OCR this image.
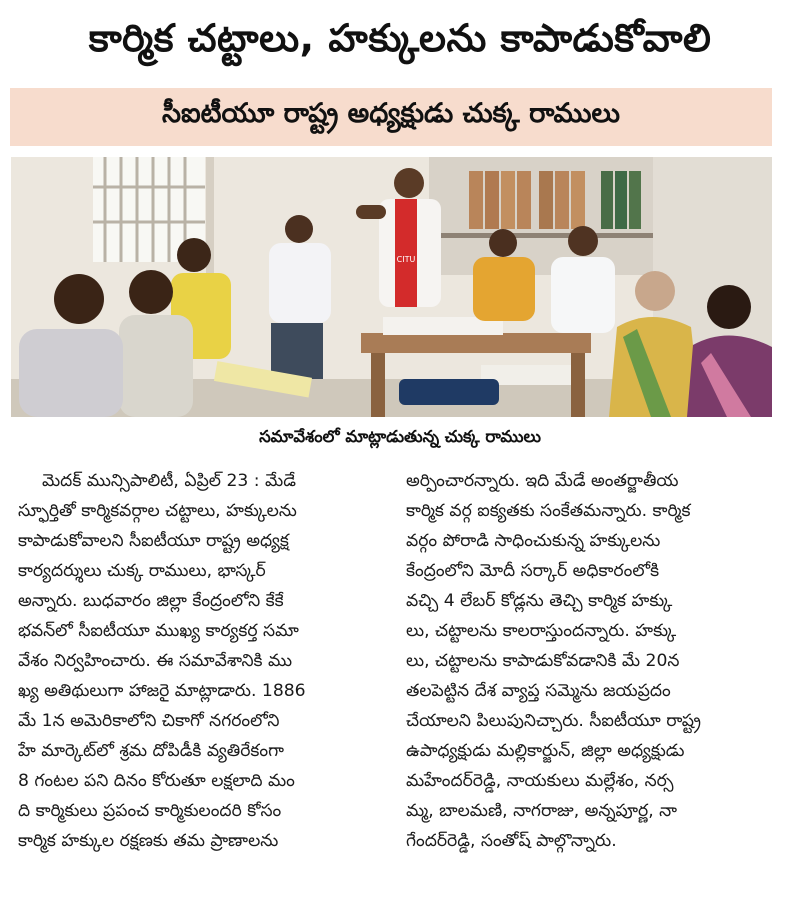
కార్మిక చట్టాలు, హక్కులను కాపాడుకోవాలి
సీఐటీయూ రాష్ట్ర అధ్యక్షుడు చుక్క రాములు
CITU
సమావేశంలో మాట్లాడుతున్న చుక్క రాములు
మెదక్ మున్సిపాలిటీ, ఏప్రిల్ 23 : మేడే
స్ఫూర్తితో కార్మికవర్గాల చట్టాలు, హక్కులను
కాపాడుకోవాలని సీఐటీయూ రాష్ట్ర అధ్యక్ష
కార్యదర్శులు చుక్క రాములు, భాస్కర్
అన్నారు. బుధవారం జిల్లా కేంద్రంలోని కేకే
భవన్‌లో సీఐటీయూ ముఖ్య కార్యకర్త సమా
వేశం నిర్వహించారు. ఈ సమావేశానికి ము
ఖ్య అతిథులుగా హాజరై మాట్లాడారు. 1886
మే 1న అమెరికాలోని చికాగో నగరంలోని
హే మార్కెట్‌లో శ్రమ దోపిడీకి వ్యతిరేకంగా
8 గంటల పని దినం కోరుతూ లక్షలాది మం
ది కార్మికులు ప్రపంచ కార్మికులందరి కోసం
కార్మిక హక్కుల రక్షణకు తమ ప్రాణాలను
అర్పించారన్నారు. ఇది మేడే అంతర్జాతీయ
కార్మిక వర్గ ఐక్యతకు సంకేతమన్నారు. కార్మిక
వర్గం పోరాడి సాధించుకున్న హక్కులను
కేంద్రంలోని మోదీ సర్కార్ అధికారంలోకి
వచ్చి 4 లేబర్ కోడ్లను తెచ్చి కార్మిక హక్కు
లు, చట్టాలను కాలరాస్తుందన్నారు. హక్కు
లు, చట్టాలను కాపాడుకోవడానికి మే 20న
తలపెట్టిన దేశ వ్యాప్త సమ్మెను జయప్రదం
చేయాలని పిలుపునిచ్చారు. సీఐటీయూ రాష్ట్ర
ఉపాధ్యక్షుడు మల్లికార్జున్, జిల్లా అధ్యక్షుడు
మహేందర్‌రెడ్డి, నాయకులు మల్లేశం, నర్స
మ్మ, బాలమణి, నాగరాజు, అన్నపూర్ణ, నా
గేందర్‌రెడ్డి, సంతోష్ పాల్గొన్నారు.
